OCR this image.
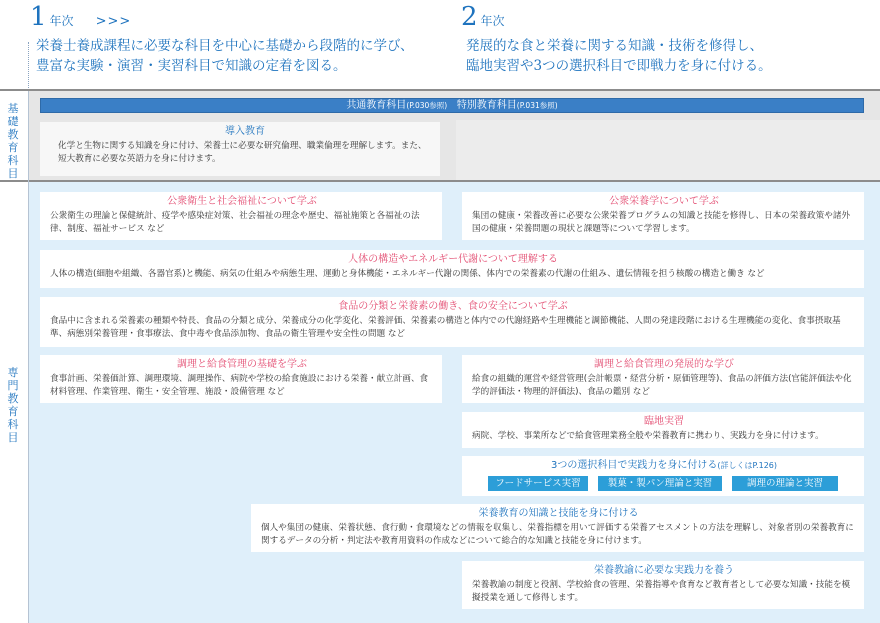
1 年次 >>>
栄養士養成課程に必要な科目を中心に基礎から段階的に学び、
豊富な実験・演習・実習科目で知識の定着を図る。
2 年次
発展的な食と栄養に関する知識・技術を修得し、
臨地実習や3つの選択科目で即戦力を身に付ける。
基礎教育科目
専門教育科目
共通教育科目(P.030参照) 特別教育科目(P.031参照)
導入教育
化学と生物に関する知識を身に付け、栄養士に必要な研究倫理、職業倫理を理解します。また、短大教育に必要な英語力を身に付けます。
公衆衛生と社会福祉について学ぶ
公衆衛生の理論と保健統計、疫学や感染症対策、社会福祉の理念や歴史、福祉施策と各福祉の法律、制度、福祉サービス など
公衆栄養学について学ぶ
集団の健康・栄養改善に必要な公衆栄養プログラムの知識と技能を修得し、日本の栄養政策や諸外国の健康・栄養問題の現状と課題等について学習します。
人体の構造やエネルギー代謝について理解する
人体の構造(細胞や組織、各器官系)と機能、病気の仕組みや病態生理、運動と身体機能・エネルギー代謝の関係、体内での栄養素の代謝の仕組み、遺伝情報を担う核酸の構造と働き など
食品の分類と栄養素の働き、食の安全について学ぶ
食品中に含まれる栄養素の種類や特長、食品の分類と成分、栄養成分の化学変化、栄養評価、栄養素の構造と体内での代謝経路や生理機能と調節機能、人間の発達段階における生理機能の変化、食事摂取基準、病態別栄養管理・食事療法、食中毒や食品添加物、食品の衛生管理や安全性の問題 など
調理と給食管理の基礎を学ぶ
食事計画、栄養価計算、調理環境、調理操作、病院や学校の給食施設における栄養・献立計画、食材料管理、作業管理、衛生・安全管理、施設・設備管理 など
調理と給食管理の発展的な学び
給食の組織的運営や経営管理(会計帳票・経営分析・原価管理等)、食品の評価方法(官能評価法や化学的評価法・物理的評価法)、食品の鑑別 など
臨地実習
病院、学校、事業所などで給食管理業務全般や栄養教育に携わり、実践力を身に付けます。
3つの選択科目で実践力を身に付ける(詳しくはP.126)
フードサービス実習	製菓・製パン理論と実習	調理の理論と実習
栄養教育の知識と技能を身に付ける
個人や集団の健康、栄養状態、食行動・食環境などの情報を収集し、栄養指標を用いて評価する栄養アセスメントの方法を理解し、対象者別の栄養教育に関するデータの分析・判定法や教育用資料の作成などについて総合的な知識と技能を身に付けます。
栄養教諭に必要な実践力を養う
栄養教諭の制度と役割、学校給食の管理、栄養指導や食育など教育者として必要な知識・技能を模擬授業を通して修得します。
